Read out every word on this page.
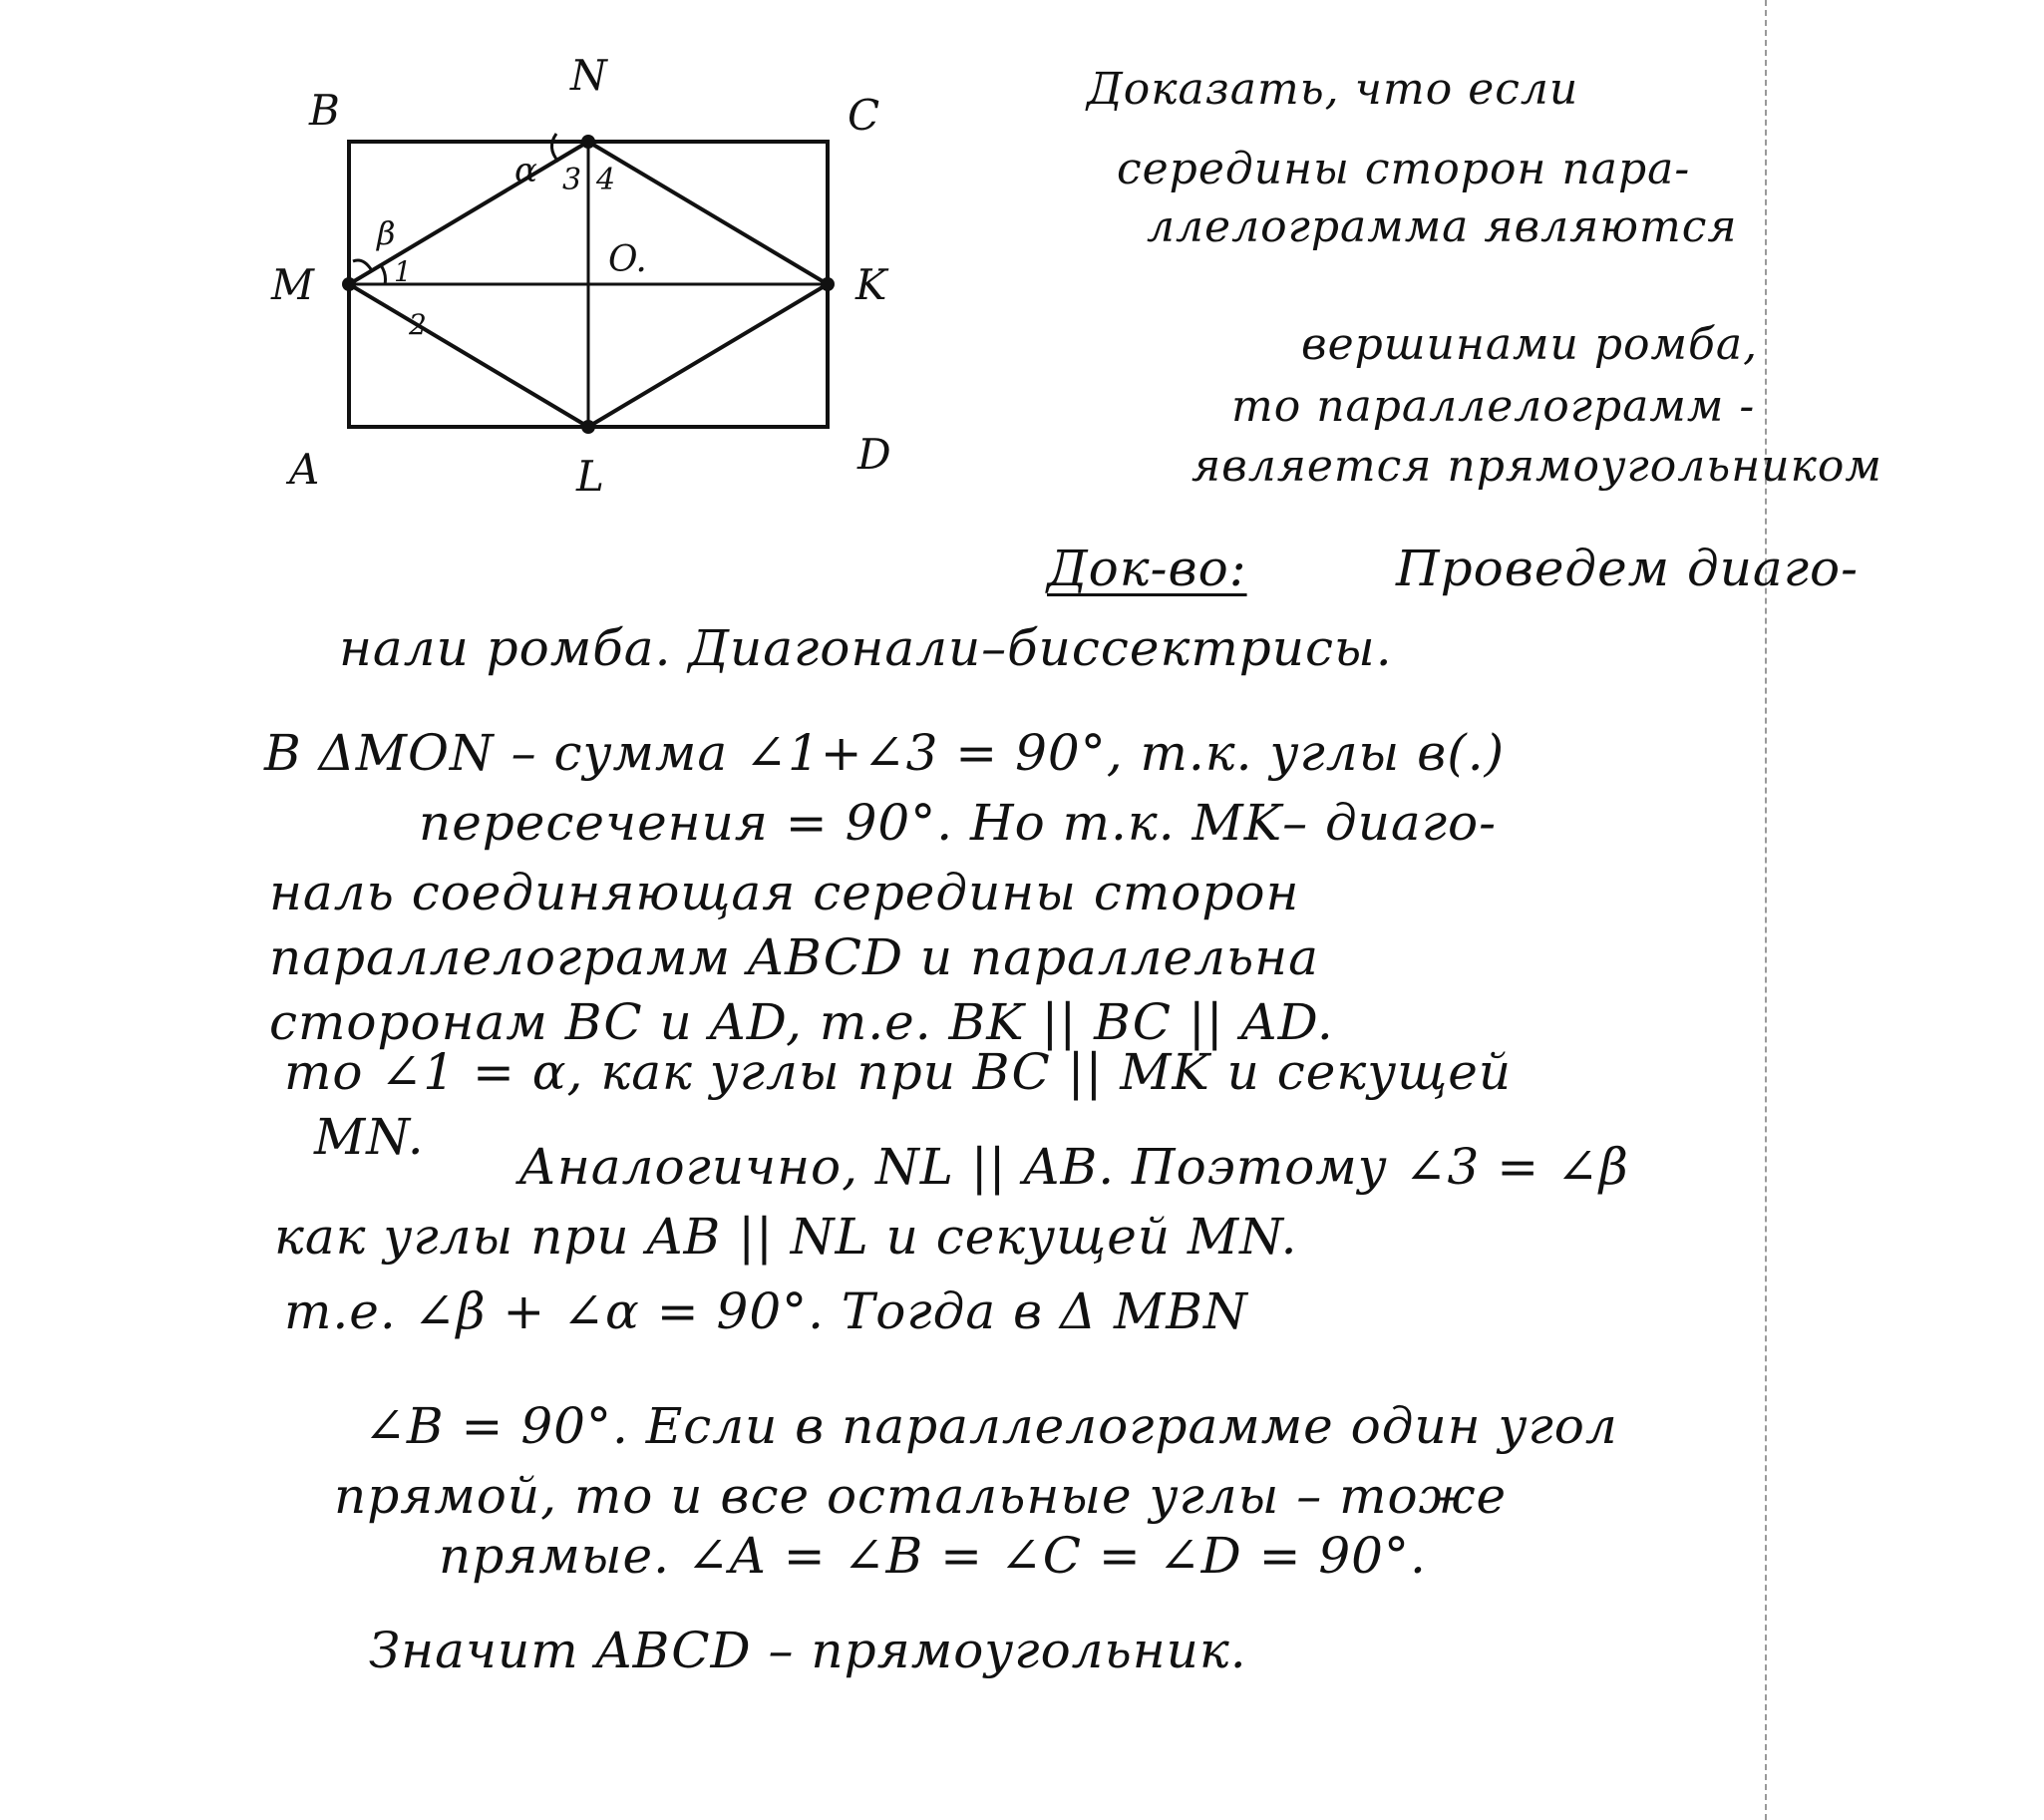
B
N
C
M	K
A	L	D
O.
α
β
1
2
3 4
Доказать, что если
середины сторон пара-
ллелограмма являются
вершинами ромба,
то параллелограмм -
является прямоугольником
Док-во:	Проведем диаго-
нали ромба. Диагонали–биссектрисы.
В ΔMON – сумма ∠1+∠3 = 90°, т.к. углы в(.)
пересечения = 90°. Но т.к. MK– диаго-
наль соединяющая середины сторон
параллелограмм ABCD и параллельна
сторонам BC и AD, т.е. BK || BC || AD.
то ∠1 = α, как углы при BC || MK и секущей
MN.
Аналогично, NL || AB. Поэтому ∠3 = ∠β
как углы при AB || NL и секущей MN.
т.е. ∠β + ∠α = 90°. Тогда в Δ MBN
∠B = 90°. Если в параллелограмме один угол
прямой, то и все остальные углы – тоже
прямые. ∠A = ∠B = ∠C = ∠D = 90°.
Значит ABCD – прямоугольник.
